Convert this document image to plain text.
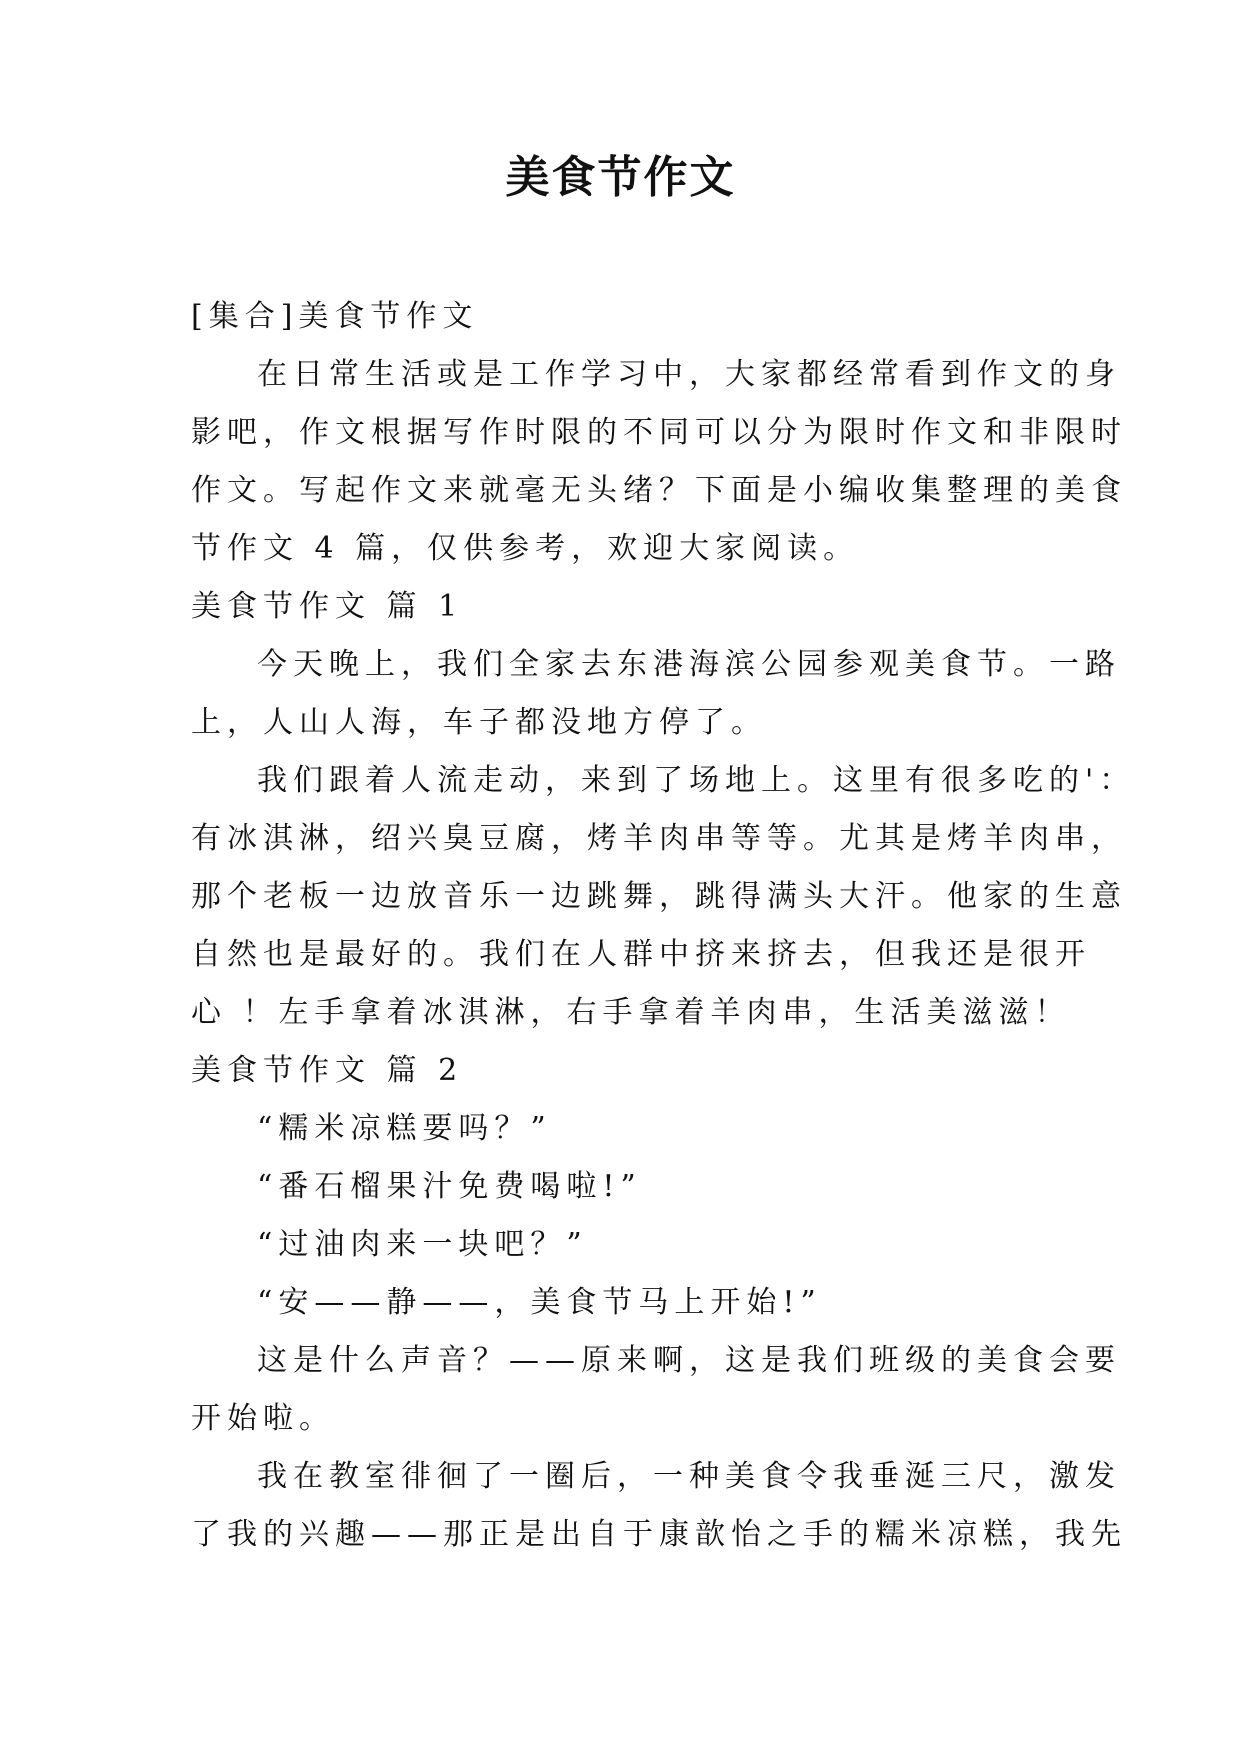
美食节作文
[集合]美食节作文
在日常生活或是工作学习中，大家都经常看到作文的身
影吧，作文根据写作时限的不同可以分为限时作文和非限时
作文。写起作文来就毫无头绪？下面是小编收集整理的美食
节作文 4 篇，仅供参考，欢迎大家阅读。
美食节作文 篇 1
今天晚上，我们全家去东港海滨公园参观美食节。一路
上，人山人海，车子都没地方停了。
我们跟着人流走动，来到了场地上。这里有很多吃的'：
有冰淇淋，绍兴臭豆腐，烤羊肉串等等。尤其是烤羊肉串，
那个老板一边放音乐一边跳舞，跳得满头大汗。他家的生意
自然也是最好的。我们在人群中挤来挤去，但我还是很开
心 ！左手拿着冰淇淋，右手拿着羊肉串，生活美滋滋！
美食节作文 篇 2
“糯米凉糕要吗？”
“番石榴果汁免费喝啦!”
“过油肉来一块吧？”
“安——静——，美食节马上开始!”
这是什么声音？——原来啊，这是我们班级的美食会要
开始啦。
我在教室徘徊了一圈后，一种美食令我垂涎三尺，激发
了我的兴趣——那正是出自于康歆怡之手的糯米凉糕，我先
